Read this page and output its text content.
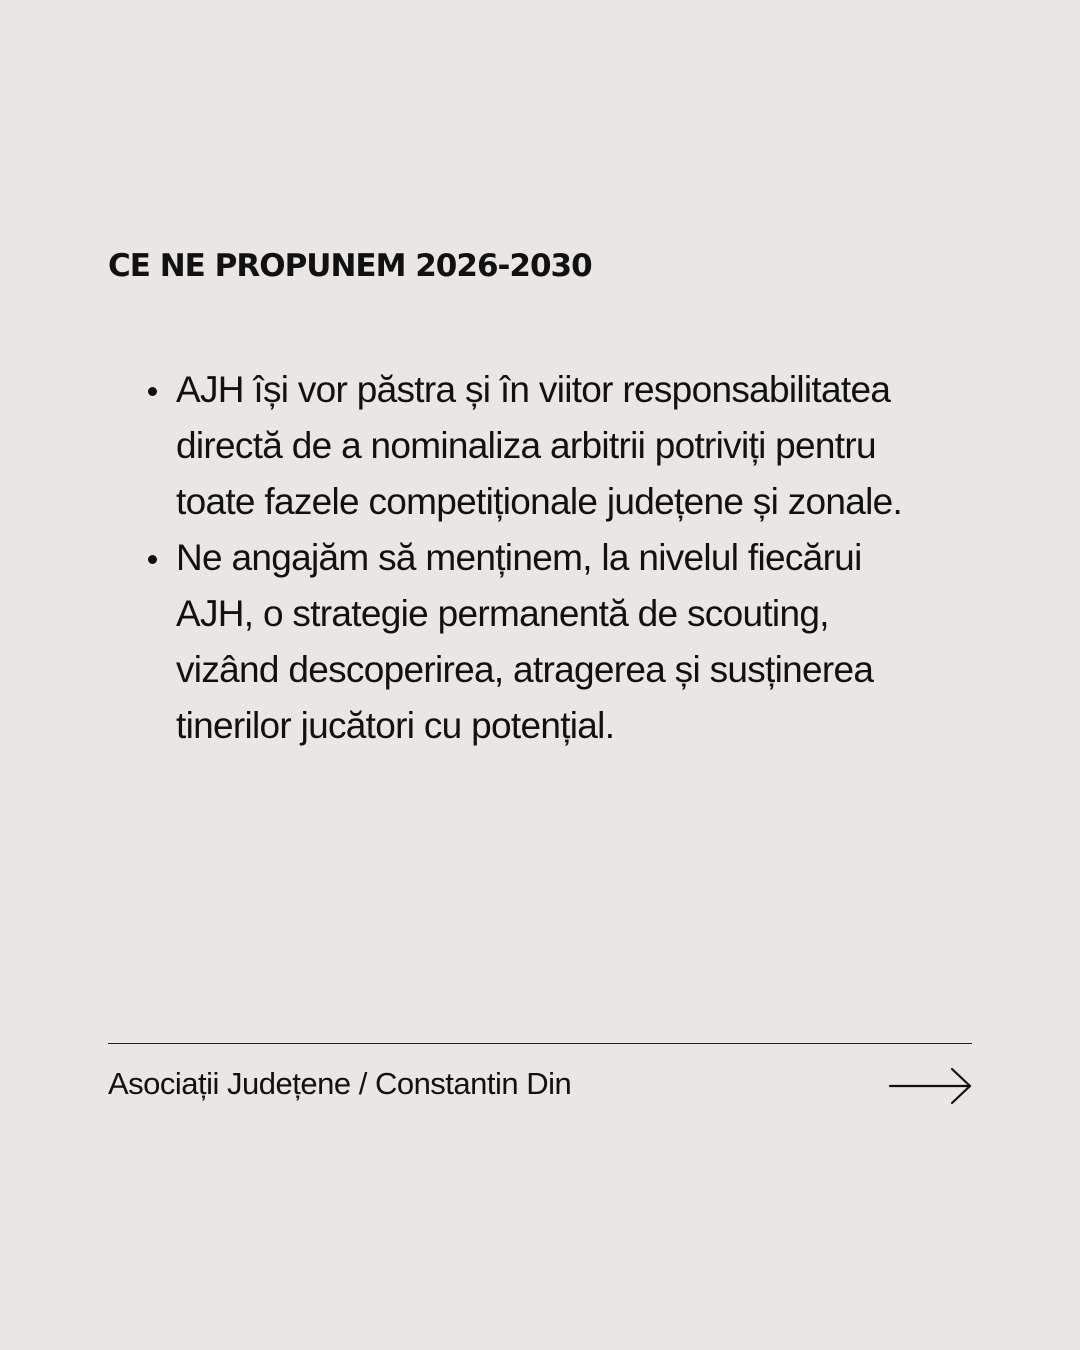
CE NE PROPUNEM 2026-2030
AJH își vor păstra și în viitor responsabilitatea
directă de a nominaliza arbitrii potriviți pentru
toate fazele competiționale județene și zonale.
Ne angajăm să menținem, la nivelul fiecărui
AJH, o strategie permanentă de scouting,
vizând descoperirea, atragerea și susținerea
tinerilor jucători cu potențial.
Asociații Județene / Constantin Din
